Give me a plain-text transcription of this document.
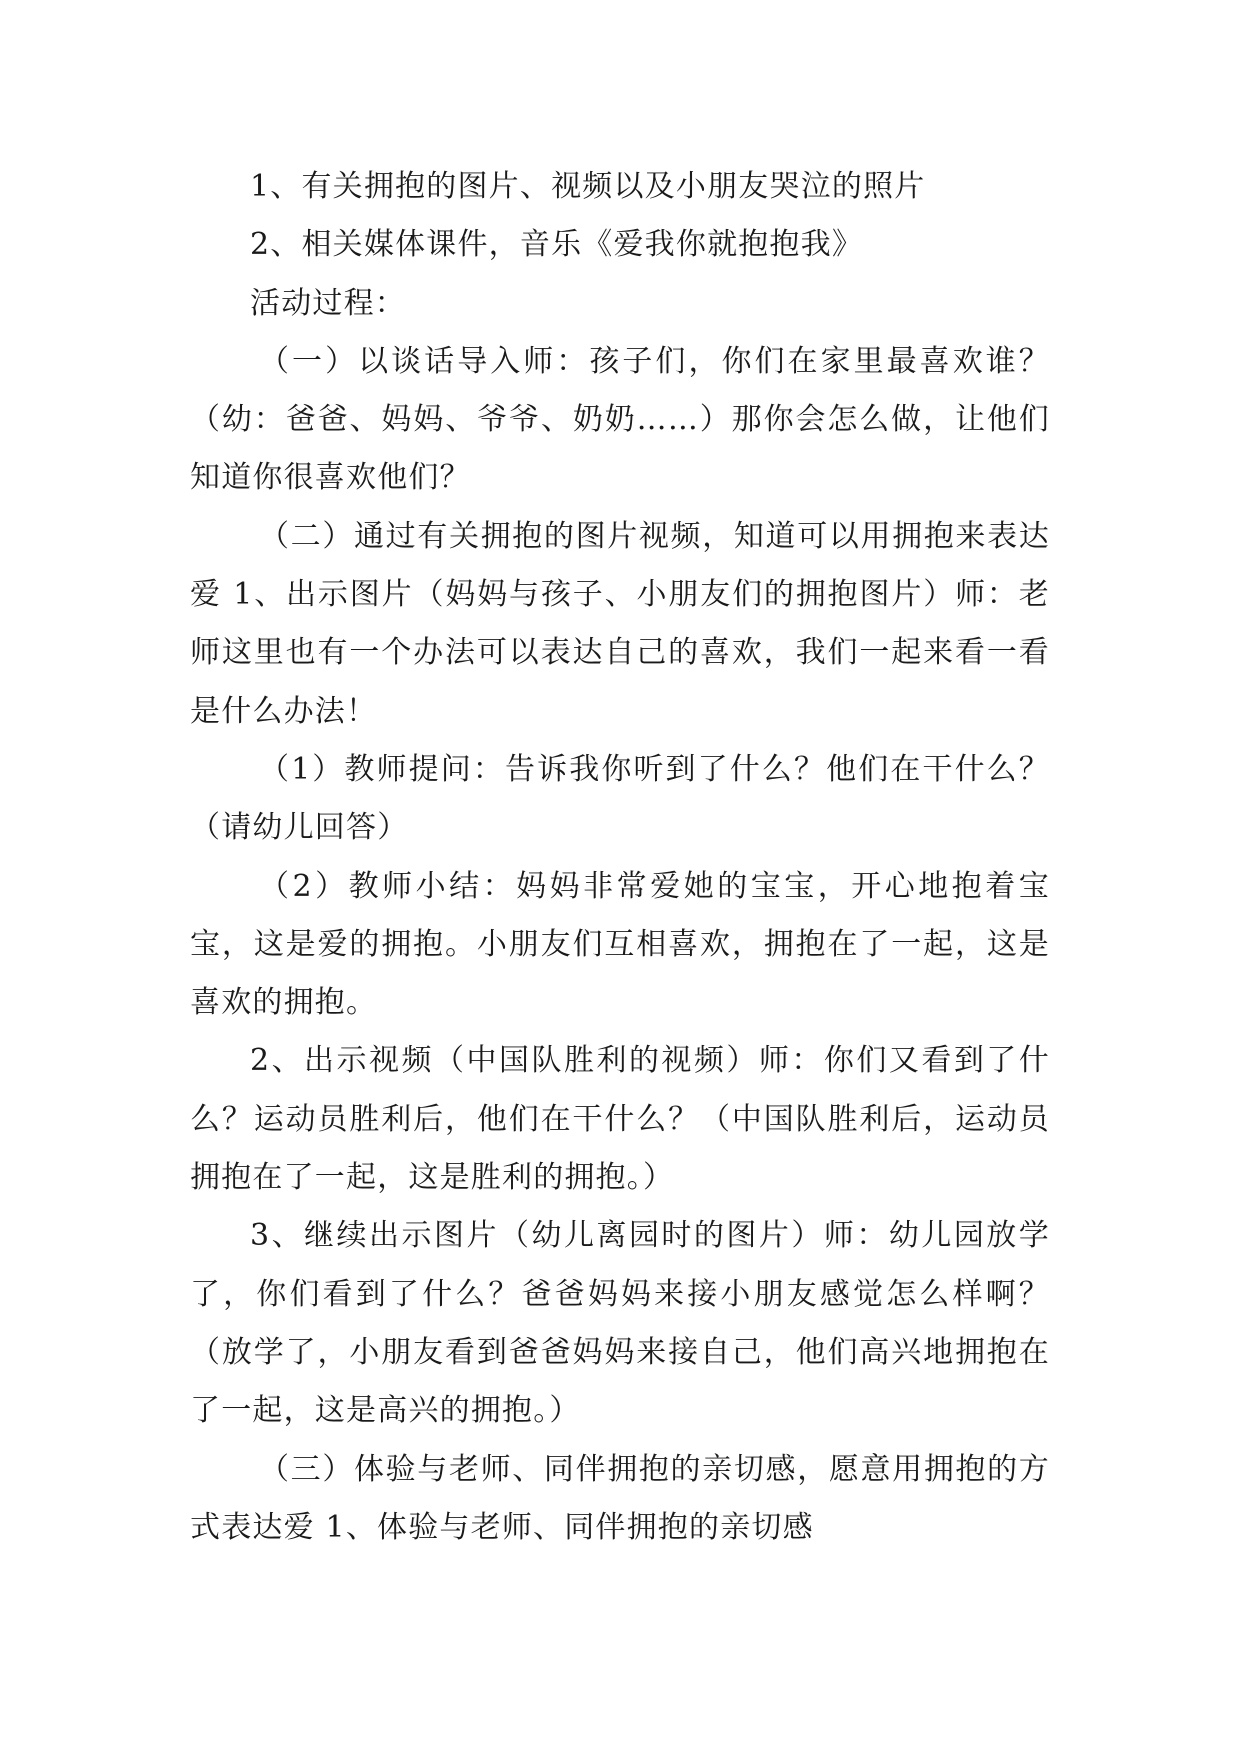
1、有关拥抱的图片、视频以及小朋友哭泣的照片

2、相关媒体课件，音乐《爱我你就抱抱我》

活动过程：

（一）以谈话导入师：孩子们，你们在家里最喜欢谁？（幼：爸爸、妈妈、爷爷、奶奶……）那你会怎么做，让他们知道你很喜欢他们？

（二）通过有关拥抱的图片视频，知道可以用拥抱来表达爱 1、出示图片（妈妈与孩子、小朋友们的拥抱图片）师：老师这里也有一个办法可以表达自己的喜欢，我们一起来看一看是什么办法！

（1）教师提问：告诉我你听到了什么？他们在干什么？（请幼儿回答）

（2）教师小结：妈妈非常爱她的宝宝，开心地抱着宝宝，这是爱的拥抱。小朋友们互相喜欢，拥抱在了一起，这是喜欢的拥抱。

2、出示视频（中国队胜利的视频）师：你们又看到了什么？运动员胜利后，他们在干什么？（中国队胜利后，运动员拥抱在了一起，这是胜利的拥抱。）

3、继续出示图片（幼儿离园时的图片）师：幼儿园放学了，你们看到了什么？爸爸妈妈来接小朋友感觉怎么样啊？（放学了，小朋友看到爸爸妈妈来接自己，他们高兴地拥抱在了一起，这是高兴的拥抱。）

（三）体验与老师、同伴拥抱的亲切感，愿意用拥抱的方式表达爱 1、体验与老师、同伴拥抱的亲切感
